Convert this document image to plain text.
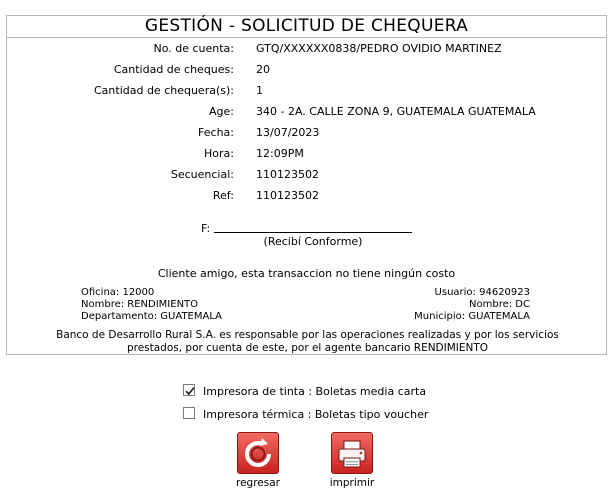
GESTIÓN - SOLICITUD DE CHEQUERA
No. de cuenta: GTQ/XXXXXX0838/PEDRO OVIDIO MARTINEZ
Cantidad de cheques: 20
Cantidad de chequera(s): 1
Age: 340 - 2A. CALLE ZONA 9, GUATEMALA GUATEMALA
Fecha: 13/07/2023
Hora: 12:09PM
Secuencial: 110123502
Ref: 110123502
F:
(Recibí Conforme)
Cliente amigo, esta transaccion no tiene ningún costo
Oficina: 12000
Nombre: RENDIMIENTO
Departamento: GUATEMALA
Usuario: 94620923
Nombre: DC
Municipio: GUATEMALA
Banco de Desarrollo Rural S.A. es responsable por las operaciones realizadas y por los servicios
prestados, por cuenta de este, por el agente bancario RENDIMIENTO
Impresora de tinta : Boletas media carta
Impresora térmica : Boletas tipo voucher
regresar	imprimir
